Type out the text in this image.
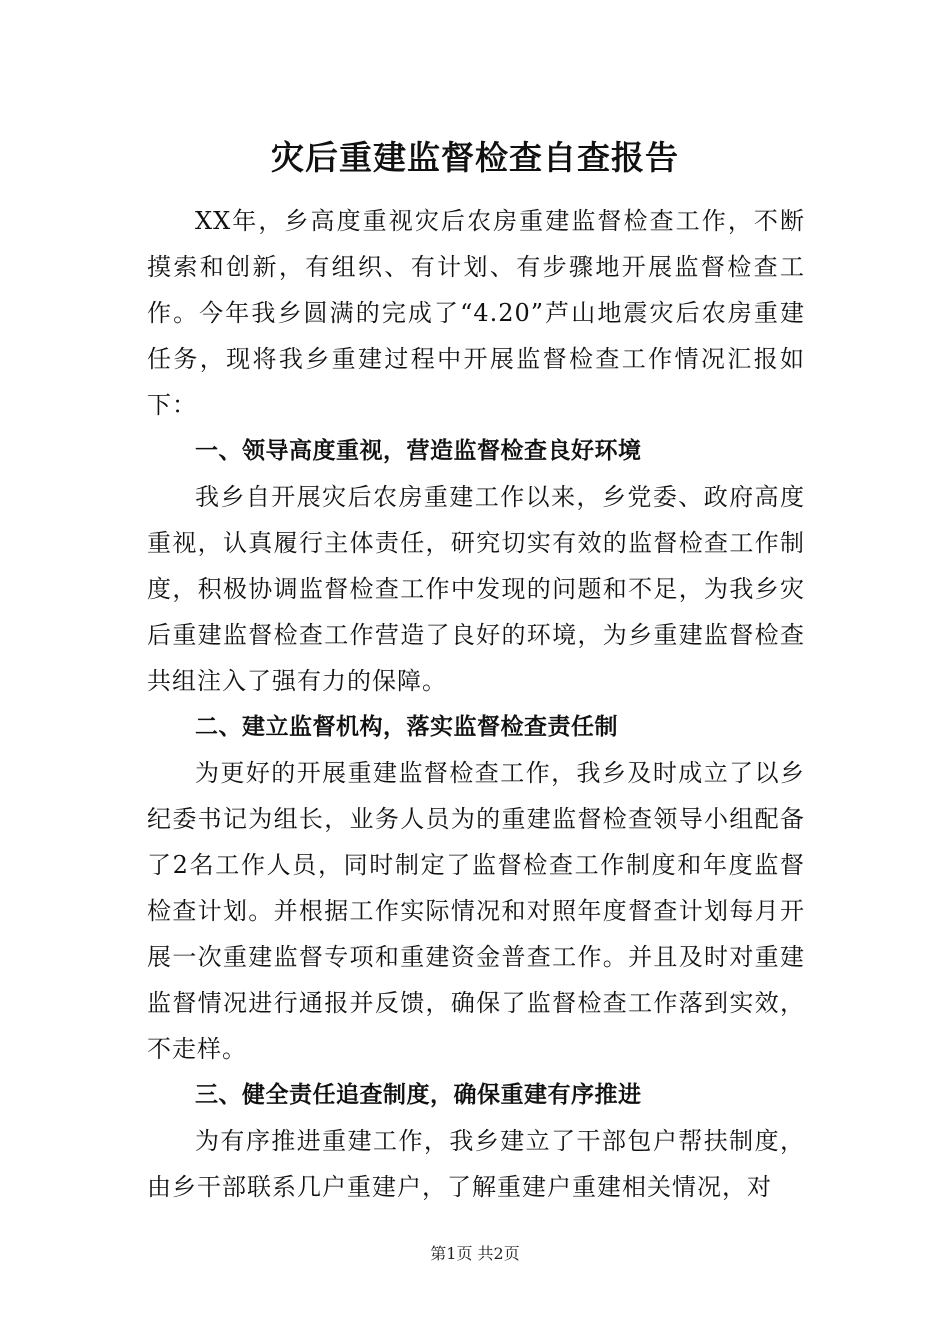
灾后重建监督检查自查报告

XX年，乡高度重视灾后农房重建监督检查工作，不断摸索和创新，有组织、有计划、有步骤地开展监督检查工作。今年我乡圆满的完成了“4.20”芦山地震灾后农房重建任务，现将我乡重建过程中开展监督检查工作情况汇报如下：

一、领导高度重视，营造监督检查良好环境

我乡自开展灾后农房重建工作以来，乡党委、政府高度重视，认真履行主体责任，研究切实有效的监督检查工作制度，积极协调监督检查工作中发现的问题和不足，为我乡灾后重建监督检查工作营造了良好的环境，为乡重建监督检查共组注入了强有力的保障。

二、建立监督机构，落实监督检查责任制

为更好的开展重建监督检查工作，我乡及时成立了以乡纪委书记为组长，业务人员为的重建监督检查领导小组配备了2名工作人员，同时制定了监督检查工作制度和年度监督检查计划。并根据工作实际情况和对照年度督查计划每月开展一次重建监督专项和重建资金普查工作。并且及时对重建监督情况进行通报并反馈，确保了监督检查工作落到实效，不走样。

三、健全责任追查制度，确保重建有序推进

为有序推进重建工作，我乡建立了干部包户帮扶制度，由乡干部联系几户重建户，了解重建户重建相关情况，对

第1页 共2页
